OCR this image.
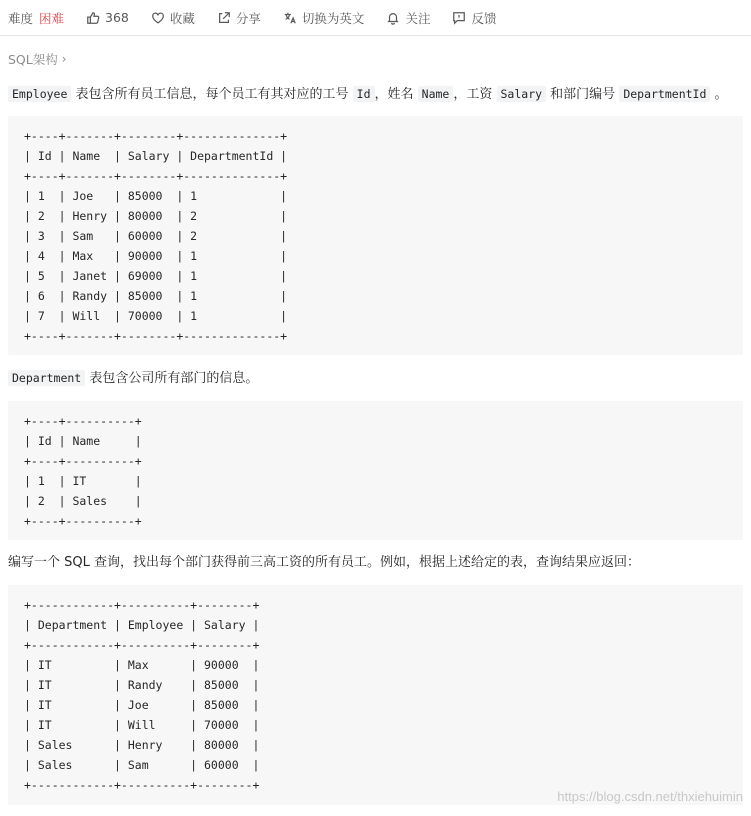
难度 困难	368	收藏	分享	切换为英文	关注	反馈
SQL架构 ›
Employee 表包含所有员工信息，每个员工有其对应的工号 Id ，姓名 Name ，工资 Salary 和部门编号 DepartmentId 。
+----+-------+--------+--------------+
| Id | Name  | Salary | DepartmentId |
+----+-------+--------+--------------+
| 1  | Joe   | 85000  | 1            |
| 2  | Henry | 80000  | 2            |
| 3  | Sam   | 60000  | 2            |
| 4  | Max   | 90000  | 1            |
| 5  | Janet | 69000  | 1            |
| 6  | Randy | 85000  | 1            |
| 7  | Will  | 70000  | 1            |
+----+-------+--------+--------------+
Department 表包含公司所有部门的信息。
+----+----------+
| Id | Name     |
+----+----------+
| 1  | IT       |
| 2  | Sales    |
+----+----------+
编写一个 SQL 查询，找出每个部门获得前三高工资的所有员工。例如，根据上述给定的表，查询结果应返回：
+------------+----------+--------+
| Department | Employee | Salary |
+------------+----------+--------+
| IT         | Max      | 90000  |
| IT         | Randy    | 85000  |
| IT         | Joe      | 85000  |
| IT         | Will     | 70000  |
| Sales      | Henry    | 80000  |
| Sales      | Sam      | 60000  |
+------------+----------+--------+
https://blog.csdn.net/thxiehuimin
